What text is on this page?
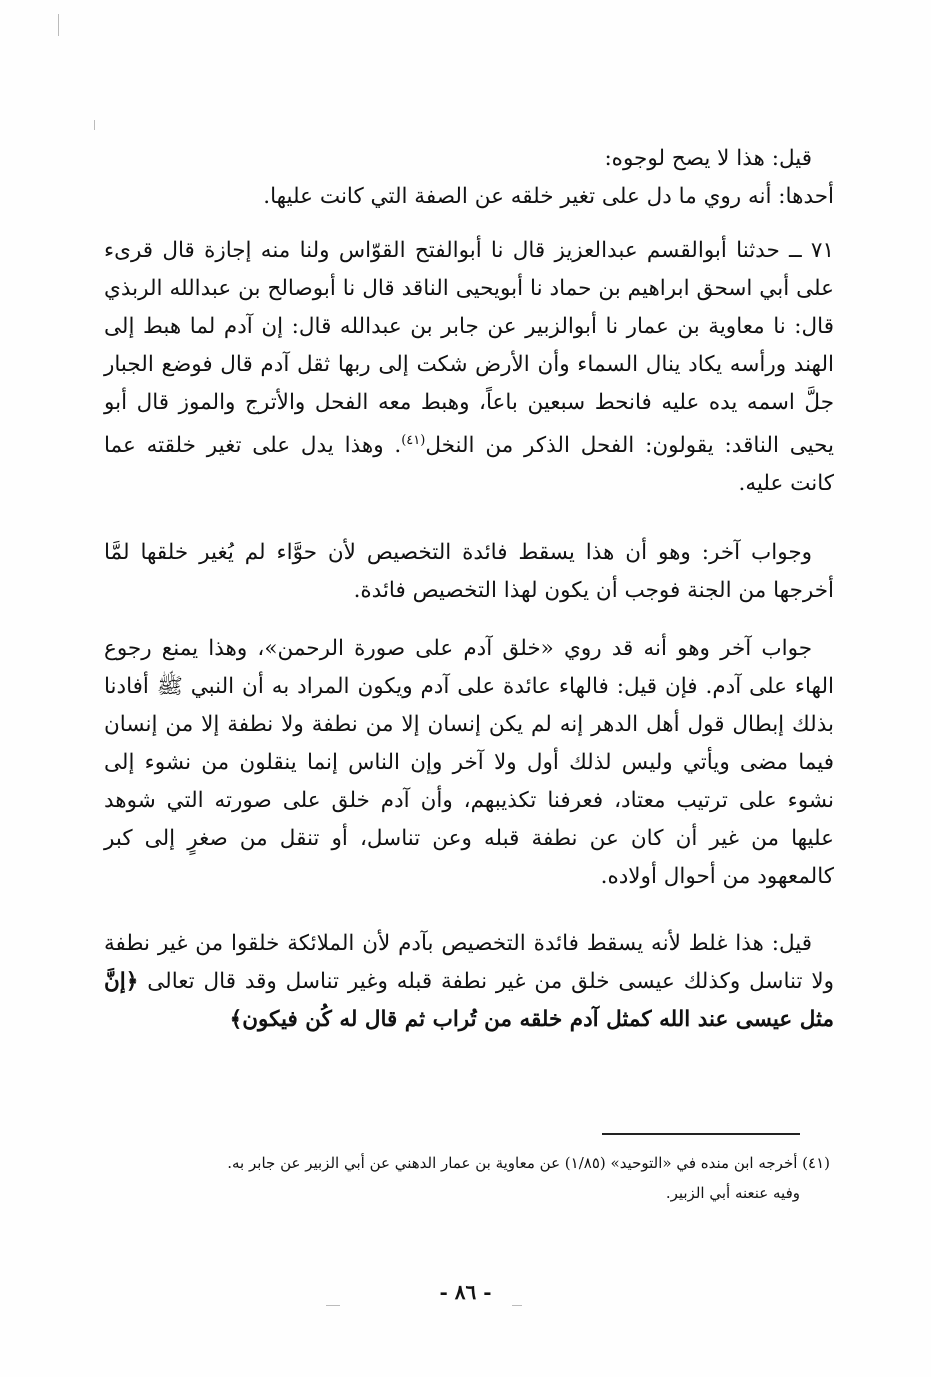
قيل: هذا لا يصح لوجوه:

أحدها: أنه روي ما دل على تغير خلقه عن الصفة التي كانت عليها.

٧١ ــ حدثنا أبوالقسم عبدالعزيز قال نا أبوالفتح القوّاس ولنا منه إجازة قال قرىء على أبي اسحق ابراهيم بن حماد نا أبويحيى الناقد قال نا أبوصالح بن عبدالله الربذي قال: نا معاوية بن عمار نا أبوالزبير عن جابر بن عبدالله قال: إن آدم لما هبط إلى الهند ورأسه يكاد ينال السماء وأن الأرض شكت إلى ربها ثقل آدم قال فوضع الجبار جلَّ اسمه يده عليه فانحط سبعين باعاً، وهبط معه الفحل والأترج والموز قال أبو يحيى الناقد: يقولون: الفحل الذكر من النخل$^{(٤١)}$. وهذا يدل على تغير خلقته عما كانت عليه.

وجواب آخر: وهو أن هذا يسقط فائدة التخصيص لأن حوَّاء لم يُغير خلقها لمَّا أخرجها من الجنة فوجب أن يكون لهذا التخصيص فائدة.

جواب آخر وهو أنه قد روي «خلق آدم على صورة الرحمن»، وهذا يمنع رجوع الهاء على آدم. فإن قيل: فالهاء عائدة على آدم ويكون المراد به أن النبي ﷺ أفادنا بذلك إبطال قول أهل الدهر إنه لم يكن إنسان إلا من نطفة ولا نطفة إلا من إنسان فيما مضى ويأتي وليس لذلك أول ولا آخر وإن الناس إنما ينقلون من نشوء إلى نشوء على ترتيب معتاد، فعرفنا تكذيبهم، وأن آدم خلق على صورته التي شوهد عليها من غير أن كان عن نطفة قبله وعن تناسل، أو تنقل من صغرٍ إلى كبر كالمعهود من أحوال أولاده.

قيل: هذا غلط لأنه يسقط فائدة التخصيص بآدم لأن الملائكة خلقوا من غير نطفة ولا تناسل وكذلك عيسى خلق من غير نطفة قبله وغير تناسل وقد قال تعالى ﴿إنَّ مثل عيسى عند الله كمثل آدم خلقه من تُراب ثم قال له كُن فيكون﴾

(٤١) أخرجه ابن منده في «التوحيد» (١/٨٥) عن معاوية بن عمار الدهني عن أبي الزبير عن جابر به.

وفيه عنعنه أبي الزبير.

- ٨٦ -
